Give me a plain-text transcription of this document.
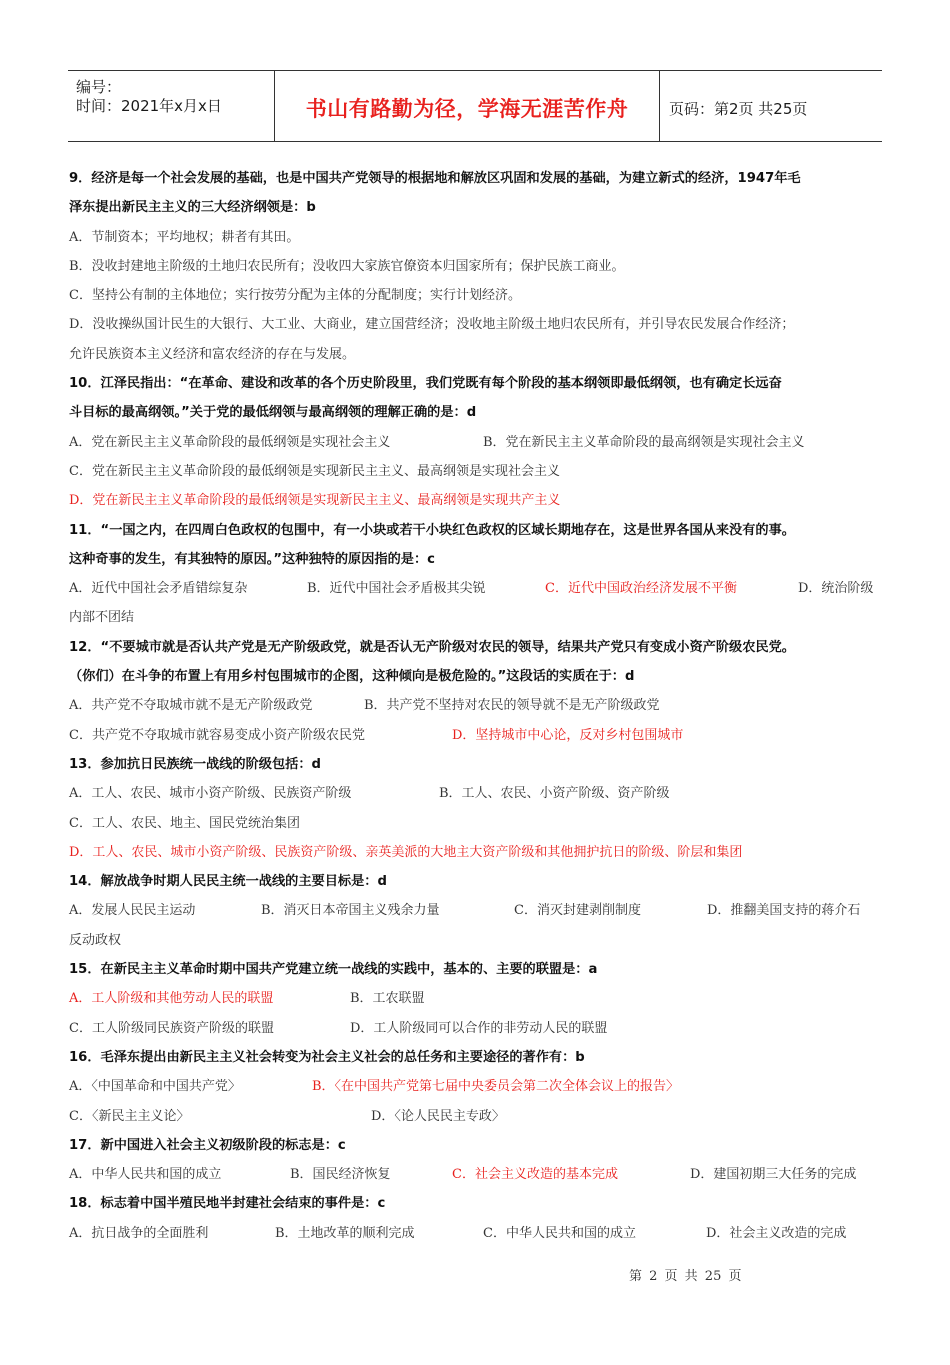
编号：
时间：2021年x月x日	书山有路勤为径，学海无涯苦作舟	页码：第2页 共25页
9．经济是每一个社会发展的基础，也是中国共产党领导的根据地和解放区巩固和发展的基础，为建立新式的经济，1947年毛
泽东提出新民主主义的三大经济纲领是：b
A．节制资本；平均地权；耕者有其田。
B．没收封建地主阶级的土地归农民所有；没收四大家族官僚资本归国家所有；保护民族工商业。
C．坚持公有制的主体地位；实行按劳分配为主体的分配制度；实行计划经济。
D．没收操纵国计民生的大银行、大工业、大商业，建立国营经济；没收地主阶级土地归农民所有，并引导农民发展合作经济；
允许民族资本主义经济和富农经济的存在与发展。
10．江泽民指出：“在革命、建设和改革的各个历史阶段里，我们党既有每个阶段的基本纲领即最低纲领，也有确定长远奋
斗目标的最高纲领。”关于党的最低纲领与最高纲领的理解正确的是：d
A．党在新民主主义革命阶段的最低纲领是实现社会主义	B．党在新民主主义革命阶段的最高纲领是实现社会主义
C．党在新民主主义革命阶段的最低纲领是实现新民主主义、最高纲领是实现社会主义
D．党在新民主主义革命阶段的最低纲领是实现新民主主义、最高纲领是实现共产主义
11．“一国之内，在四周白色政权的包围中，有一小块或若干小块红色政权的区域长期地存在，这是世界各国从来没有的事。
这种奇事的发生，有其独特的原因。”这种独特的原因指的是：c
A．近代中国社会矛盾错综复杂	B．近代中国社会矛盾极其尖锐	C．近代中国政治经济发展不平衡	D．统治阶级
内部不团结
12．“不要城市就是否认共产党是无产阶级政党，就是否认无产阶级对农民的领导，结果共产党只有变成小资产阶级农民党。
（你们）在斗争的布置上有用乡村包围城市的企图，这种倾向是极危险的。”这段话的实质在于：d
A．共产党不夺取城市就不是无产阶级政党	B．共产党不坚持对农民的领导就不是无产阶级政党
C．共产党不夺取城市就容易变成小资产阶级农民党	D．坚持城市中心论，反对乡村包围城市
13．参加抗日民族统一战线的阶级包括：d
A．工人、农民、城市小资产阶级、民族资产阶级	B．工人、农民、小资产阶级、资产阶级
C．工人、农民、地主、国民党统治集团
D．工人、农民、城市小资产阶级、民族资产阶级、亲英美派的大地主大资产阶级和其他拥护抗日的阶级、阶层和集团
14．解放战争时期人民民主统一战线的主要目标是：d
A．发展人民民主运动	B．消灭日本帝国主义残余力量	C．消灭封建剥削制度	D．推翻美国支持的蒋介石
反动政权
15．在新民主主义革命时期中国共产党建立统一战线的实践中，基本的、主要的联盟是：a
A．工人阶级和其他劳动人民的联盟	B．工农联盟
C．工人阶级同民族资产阶级的联盟	D．工人阶级同可以合作的非劳动人民的联盟
16．毛泽东提出由新民主主义社会转变为社会主义社会的总任务和主要途径的著作有：b
A．〈中国革命和中国共产党〉	B．〈在中国共产党第七届中央委员会第二次全体会议上的报告〉
C．〈新民主主义论〉	D．〈论人民民主专政〉
17．新中国进入社会主义初级阶段的标志是：c
A．中华人民共和国的成立	B．国民经济恢复	C．社会主义改造的基本完成	D．建国初期三大任务的完成
18．标志着中国半殖民地半封建社会结束的事件是：c
A．抗日战争的全面胜利	B．土地改革的顺利完成	C．中华人民共和国的成立	D．社会主义改造的完成
第 2 页 共 25 页
